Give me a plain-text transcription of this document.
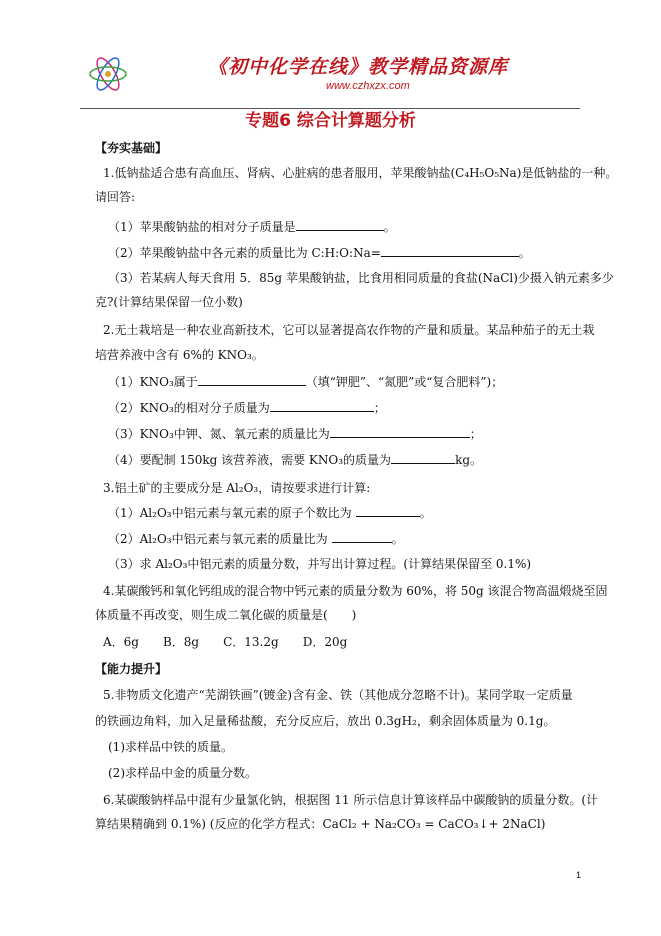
《初中化学在线》教学精品资源库
www.czhxzx.com
专题6 综合计算题分析
【夯实基础】
1.低钠盐适合患有高血压、肾病、心脏病的患者服用，苹果酸钠盐(C₄H₅O₅Na)是低钠盐的一种。
请回答:
（1）苹果酸钠盐的相对分子质量是	。
（2）苹果酸钠盐中各元素的质量比为 C:H:O:Na=	。
（3）若某病人每天食用 5．85g 苹果酸钠盐，比食用相同质量的食盐(NaCl)少摄入钠元素多少
克?(计算结果保留一位小数)
2.无土栽培是一种农业高新技术，它可以显著提高农作物的产量和质量。某品种茄子的无土栽
培营养液中含有 6%的 KNO₃。
（1）KNO₃属于	（填“钾肥”、“氮肥”或“复合肥料”)；
（2）KNO₃的相对分子质量为	；
（3）KNO₃中钾、氮、氧元素的质量比为	；
（4）要配制 150kg 该营养液，需要 KNO₃的质量为	kg。
3.铝土矿的主要成分是 Al₂O₃，请按要求进行计算:
（1）Al₂O₃中铝元素与氧元素的原子个数比为	。
（2）Al₂O₃中铝元素与氧元素的质量比为	。
（3）求 Al₂O₃中铝元素的质量分数，并写出计算过程。(计算结果保留至 0.1%)
4.某碳酸钙和氧化钙组成的混合物中钙元素的质量分数为 60%，将 50g 该混合物高温煅烧至固
体质量不再改变，则生成二氧化碳的质量是(　　)
A．6g　　B．8g　　C．13.2g　　D．20g
【能力提升】
5.非物质文化遗产“芜湖铁画”(镀金)含有金、铁（其他成分忽略不计)。某同学取一定质量
的铁画边角料，加入足量稀盐酸，充分反应后，放出 0.3gH₂，剩余固体质量为 0.1g。
(1)求样品中铁的质量。
(2)求样品中金的质量分数。
6.某碳酸钠样品中混有少量氯化钠，根据图 11 所示信息计算该样品中碳酸钠的质量分数。(计
算结果精确到 0.1%) (反应的化学方程式：CaCl₂ + Na₂CO₃ = CaCO₃↓+ 2NaCl)
1
